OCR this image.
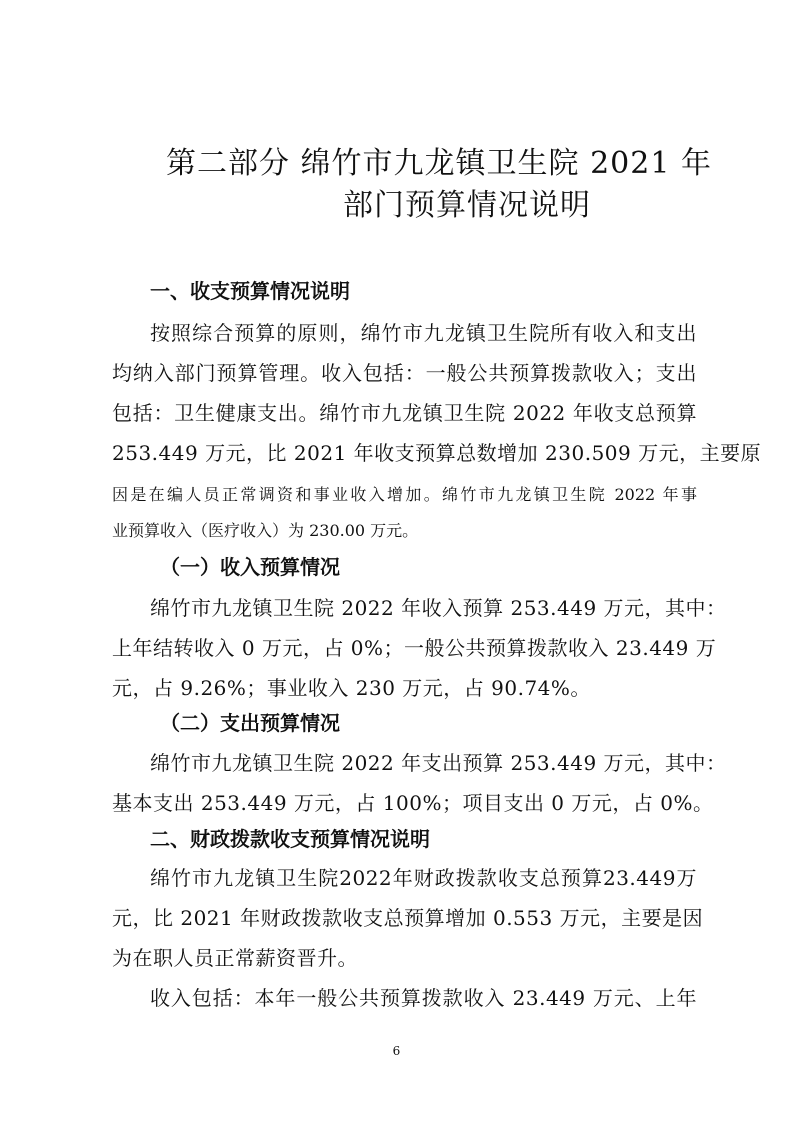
第二部分 绵竹市九龙镇卫生院 2021 年
部门预算情况说明
一、收支预算情况说明
按照综合预算的原则，绵竹市九龙镇卫生院所有收入和支出
均纳入部门预算管理。收入包括：一般公共预算拨款收入；支出
包括：卫生健康支出。绵竹市九龙镇卫生院 2022 年收支总预算
253.449 万元，比 2021 年收支预算总数增加 230.509 万元，主要原
因是在编人员正常调资和事业收入增加。绵竹市九龙镇卫生院 2022 年事
业预算收入（医疗收入）为 230.00 万元。
（一）收入预算情况
绵竹市九龙镇卫生院 2022 年收入预算 253.449 万元，其中：
上年结转收入 0 万元，占 0%；一般公共预算拨款收入 23.449 万
元，占 9.26%；事业收入 230 万元，占 90.74%。
（二）支出预算情况
绵竹市九龙镇卫生院 2022 年支出预算 253.449 万元，其中：
基本支出 253.449 万元，占 100%；项目支出 0 万元，占 0%。
二、财政拨款收支预算情况说明
绵竹市九龙镇卫生院2022年财政拨款收支总预算23.449万
元，比 2021 年财政拨款收支总预算增加 0.553 万元，主要是因
为在职人员正常薪资晋升。
收入包括：本年一般公共预算拨款收入 23.449 万元、上年
6
